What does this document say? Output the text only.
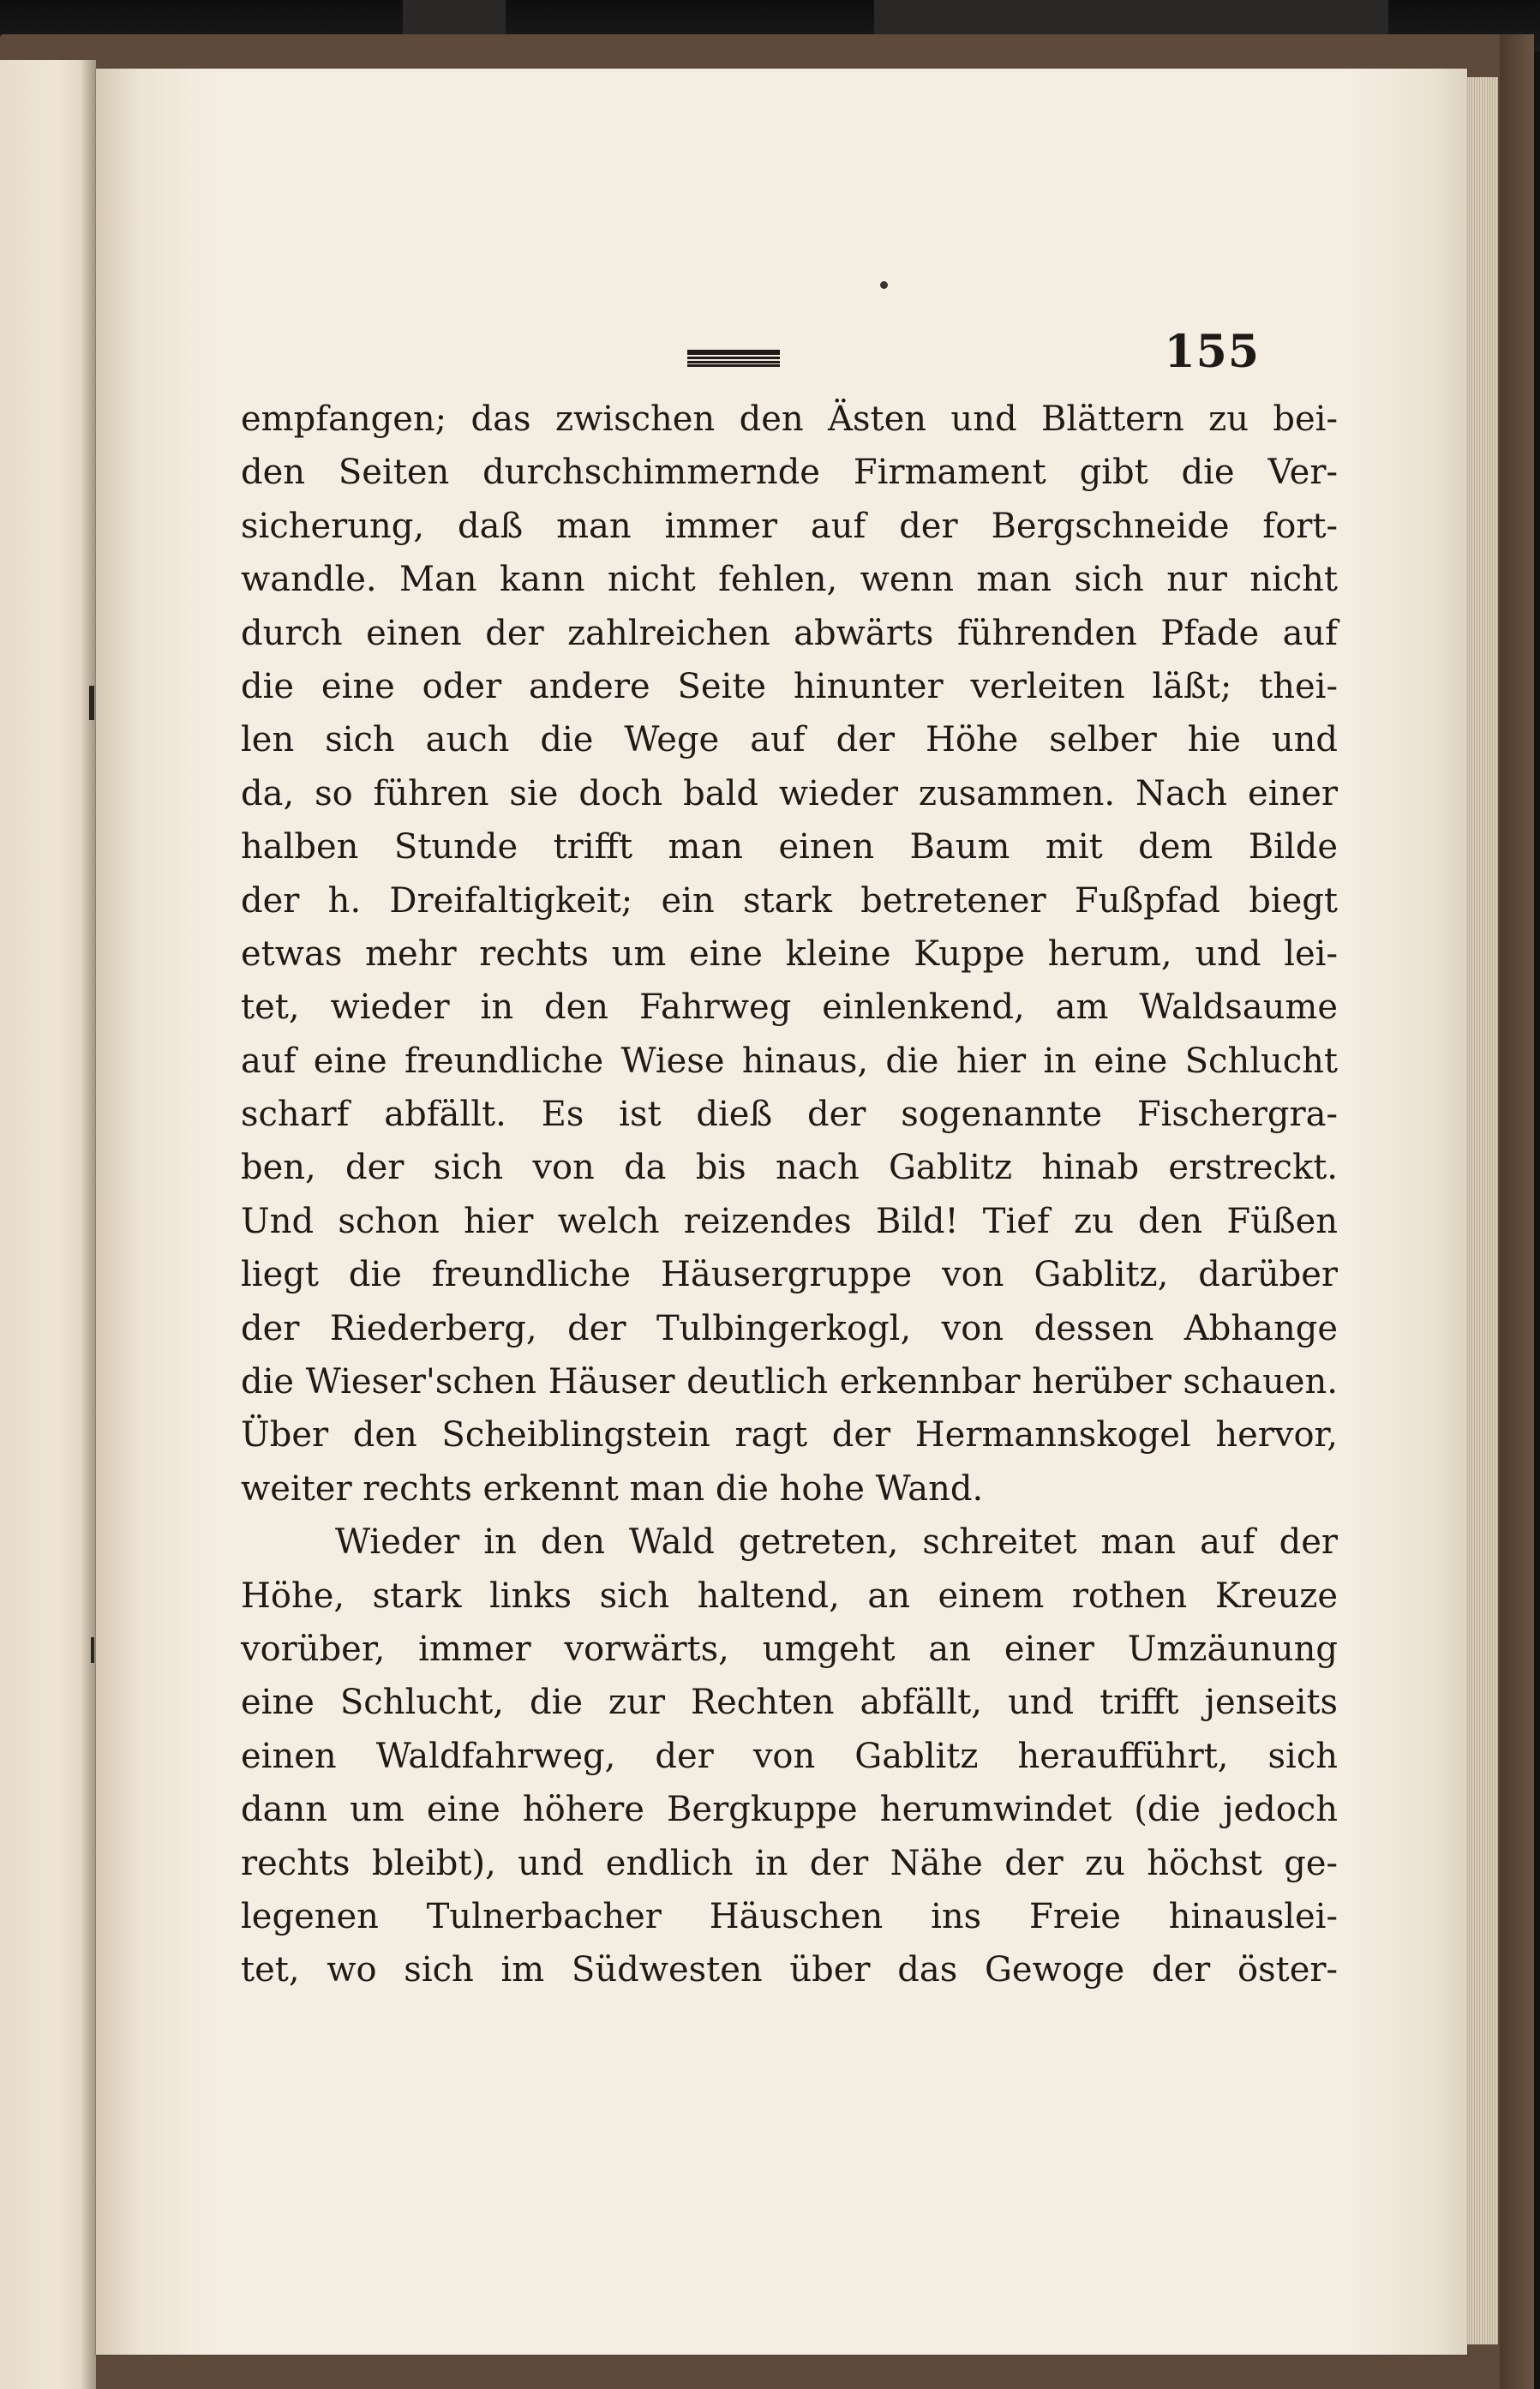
155
empfangen; das zwischen den Ästen und Blättern zu bei-
den Seiten durchschimmernde Firmament gibt die Ver-
sicherung, daß man immer auf der Bergschneide fort-
wandle. Man kann nicht fehlen, wenn man sich nur nicht
durch einen der zahlreichen abwärts führenden Pfade auf
die eine oder andere Seite hinunter verleiten läßt; thei-
len sich auch die Wege auf der Höhe selber hie und
da, so führen sie doch bald wieder zusammen. Nach einer
halben Stunde trifft man einen Baum mit dem Bilde
der h. Dreifaltigkeit; ein stark betretener Fußpfad biegt
etwas mehr rechts um eine kleine Kuppe herum, und lei-
tet, wieder in den Fahrweg einlenkend, am Waldsaume
auf eine freundliche Wiese hinaus, die hier in eine Schlucht
scharf abfällt. Es ist dieß der sogenannte Fischergra-
ben, der sich von da bis nach Gablitz hinab erstreckt.
Und schon hier welch reizendes Bild! Tief zu den Füßen
liegt die freundliche Häusergruppe von Gablitz, darüber
der Riederberg, der Tulbingerkogl, von dessen Abhange
die Wieser'schen Häuser deutlich erkennbar herüber schauen.
Über den Scheiblingstein ragt der Hermannskogel hervor,
weiter rechts erkennt man die hohe Wand.
Wieder in den Wald getreten, schreitet man auf der
Höhe, stark links sich haltend, an einem rothen Kreuze
vorüber, immer vorwärts, umgeht an einer Umzäunung
eine Schlucht, die zur Rechten abfällt, und trifft jenseits
einen Waldfahrweg, der von Gablitz heraufführt, sich
dann um eine höhere Bergkuppe herumwindet (die jedoch
rechts bleibt), und endlich in der Nähe der zu höchst ge-
legenen Tulnerbacher Häuschen ins Freie hinauslei-
tet, wo sich im Südwesten über das Gewoge der öster-
